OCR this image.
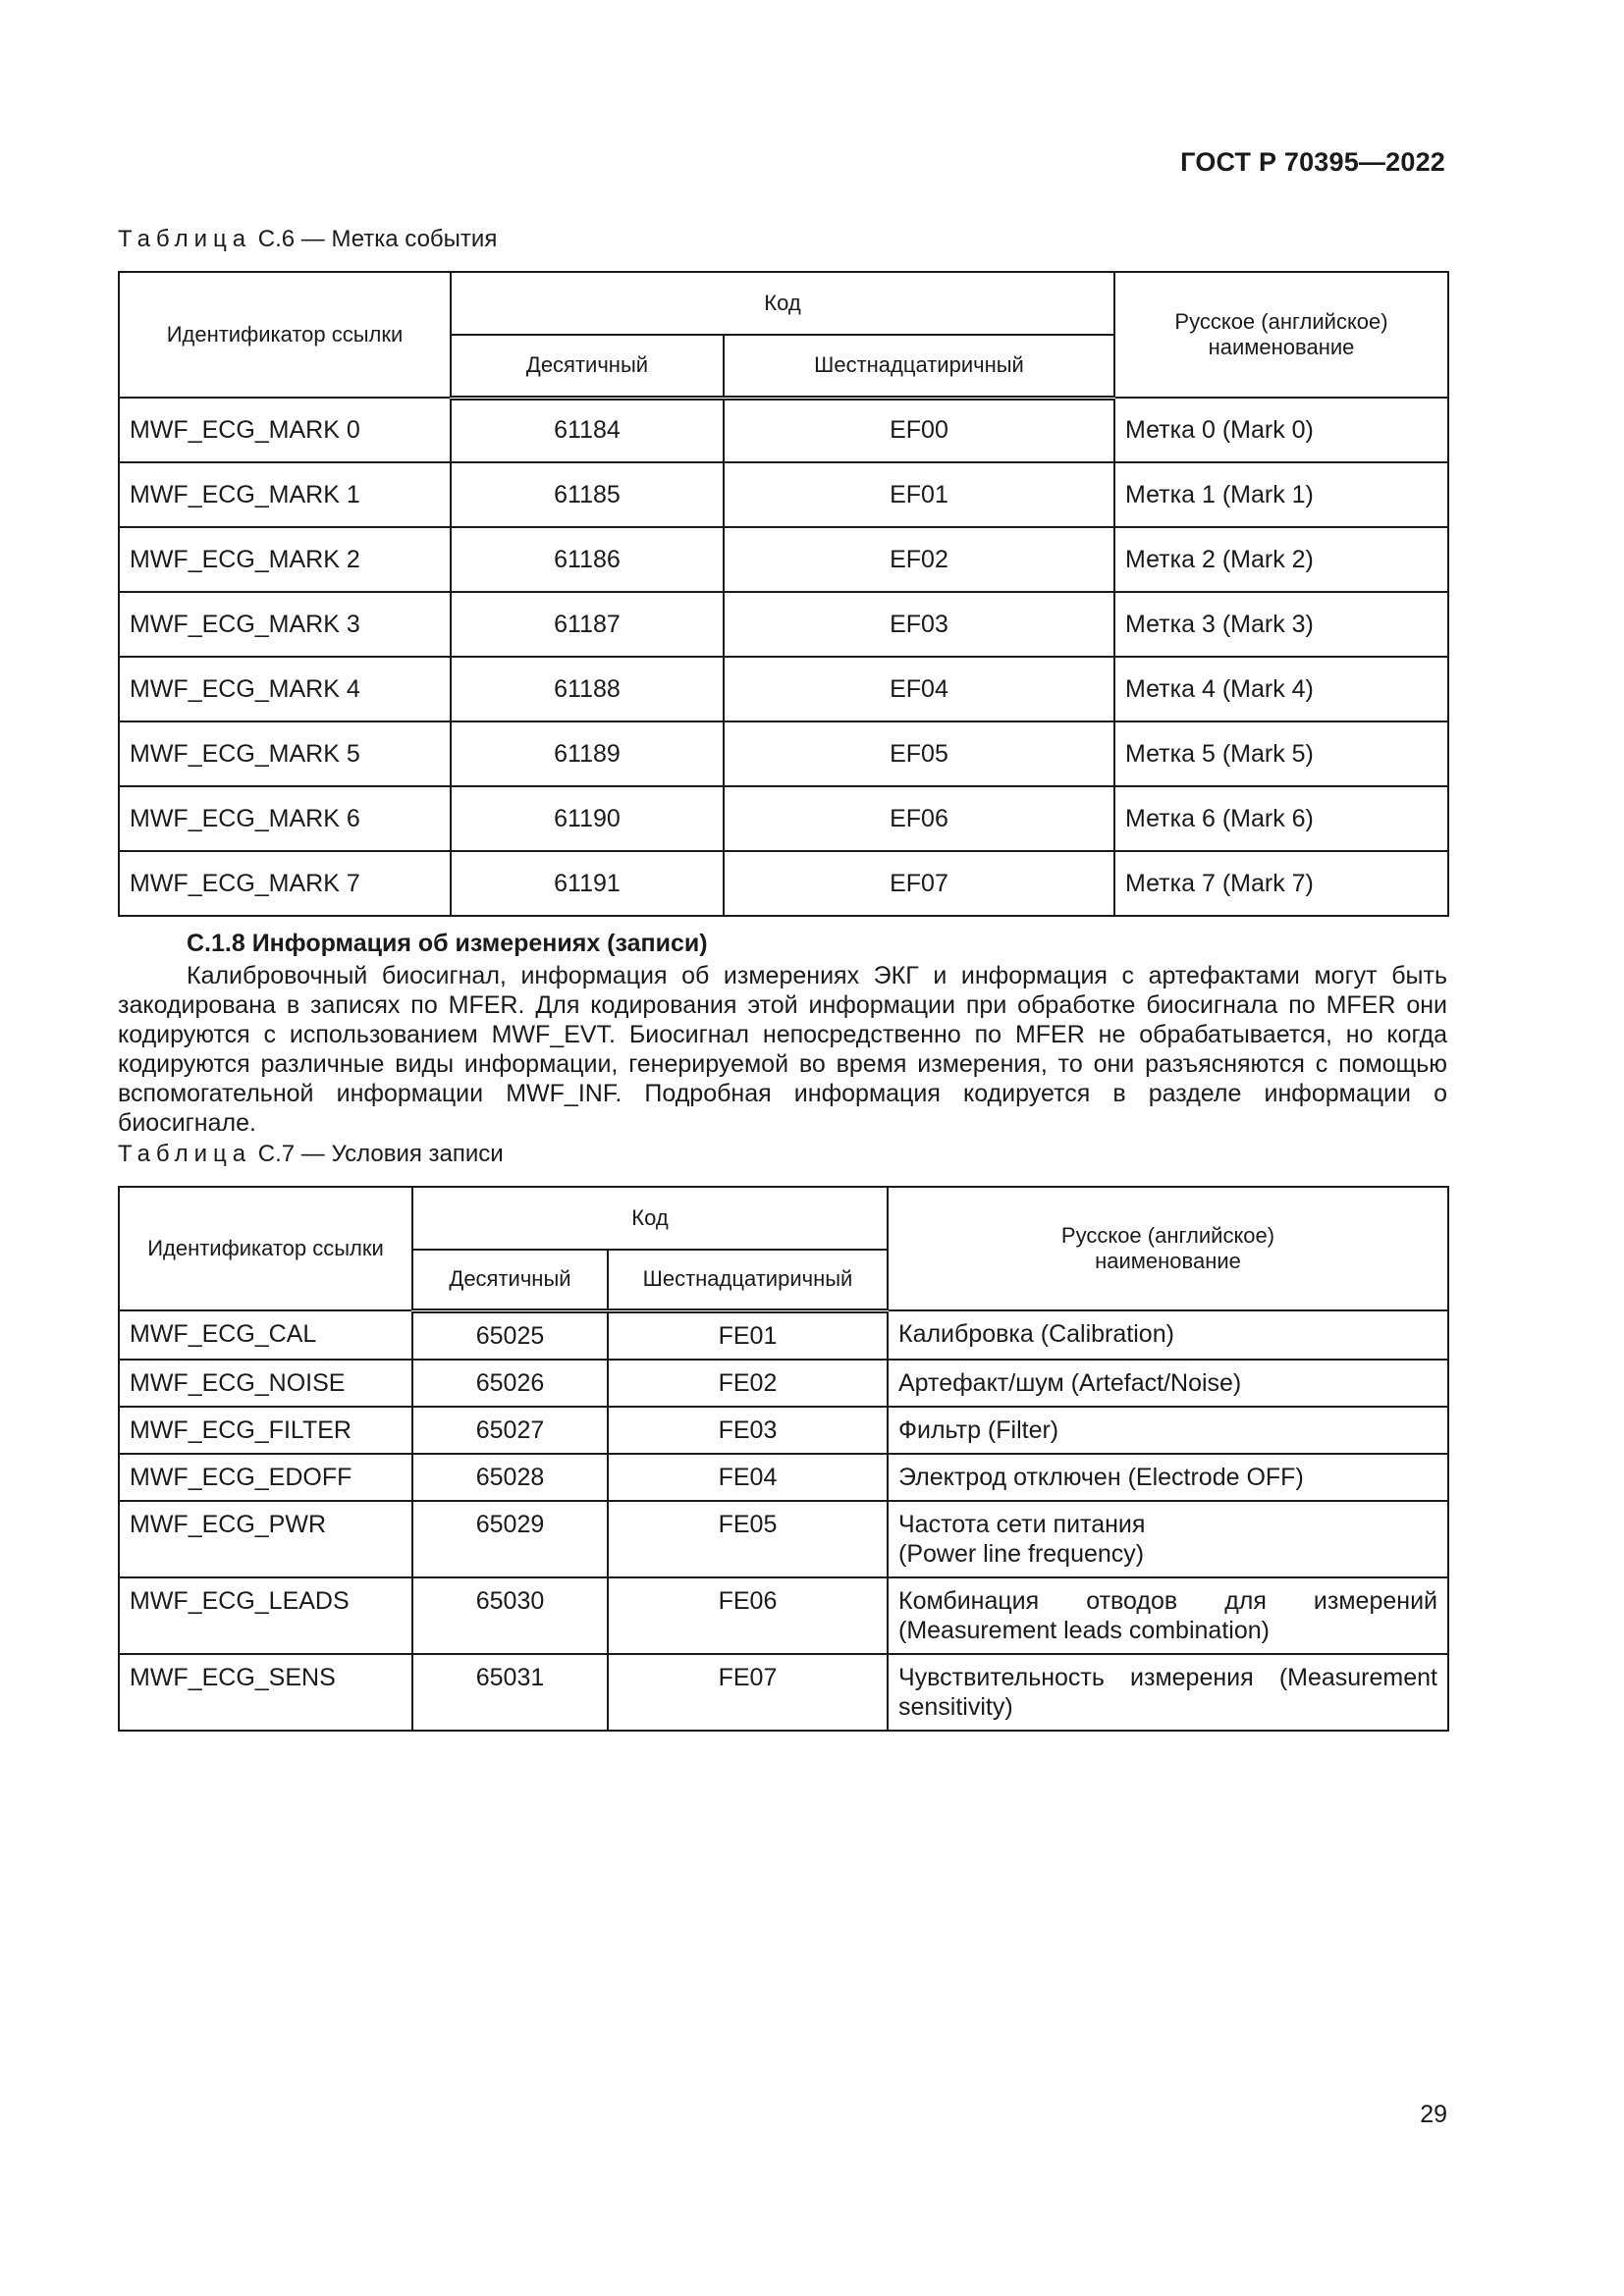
ГОСТ Р 70395—2022
Таблица С.6 — Метка события
Идентификатор ссылки	Код		Русское (английское) наименование
	Десятичный	Шестнадцатиричный	
MWF_ECG_MARK 0	61184	EF00	Метка 0 (Mark 0)
MWF_ECG_MARK 1	61185	EF01	Метка 1 (Mark 1)
MWF_ECG_MARK 2	61186	EF02	Метка 2 (Mark 2)
MWF_ECG_MARK 3	61187	EF03	Метка 3 (Mark 3)
MWF_ECG_MARK 4	61188	EF04	Метка 4 (Mark 4)
MWF_ECG_MARK 5	61189	EF05	Метка 5 (Mark 5)
MWF_ECG_MARK 6	61190	EF06	Метка 6 (Mark 6)
MWF_ECG_MARK 7	61191	EF07	Метка 7 (Mark 7)
С.1.8 Информация об измерениях (записи)
Калибровочный биосигнал, информация об измерениях ЭКГ и информация с артефактами могут быть закодирована в записях по MFER. Для кодирования этой информации при обработке биосигнала по MFER они кодируются с использованием MWF_EVT. Биосигнал непосредственно по MFER не обрабатывается, но когда кодируются различные виды информации, генерируемой во время измерения, то они разъясняются с помощью вспомогательной информации MWF_INF. Подробная информация кодируется в разделе информации о биосигнале.
Таблица С.7 — Условия записи
Идентификатор ссылки	Код		Русское (английское) наименование
	Десятичный	Шестнадцатиричный	
MWF_ECG_CAL	65025	FE01	Калибровка (Calibration)
MWF_ECG_NOISE	65026	FE02	Артефакт/шум (Artefact/Noise)
MWF_ECG_FILTER	65027	FE03	Фильтр (Filter)
MWF_ECG_EDOFF	65028	FE04	Электрод отключен (Electrode OFF)
MWF_ECG_PWR	65029	FE05	Частота сети питания
(Power line frequency)

MWF_ECG_LEADS	65030	FE06	Комбинация отводов для измерений
(Measurement leads combination)

MWF_ECG_SENS	65031	FE07	Чувствительность измерения (Measurement
sensitivity)
29
